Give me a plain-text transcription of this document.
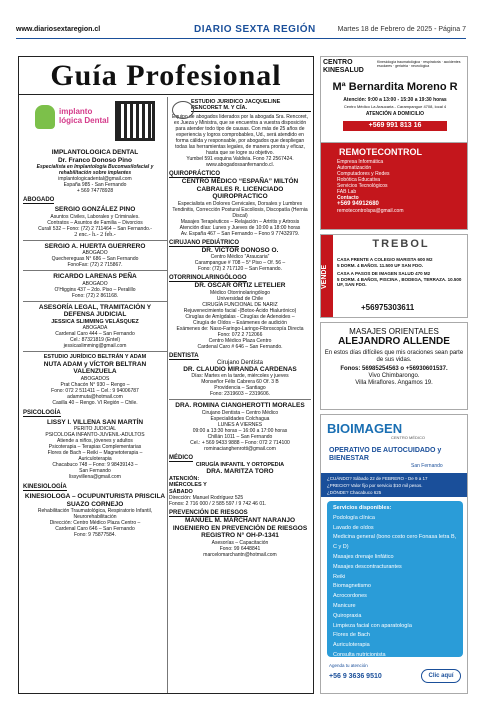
www.diariosextaregion.cl	DIARIO SEXTA REGIÓN	Martes 18 de Febrero de 2025 - Página 7
Guía Profesional
implanto lógica Dental
IMPLANTOLOGICA DENTAL
Dr. Franco Donoso Pino
Especialista en Implantología Bucomaxilofacial y rehabilitación sobre implantes
implantologicadental@gmail.com
España 985 - San Fernando
+ 569 74778928
ABOGADO
SERGIO GONZÁLEZ PINO
Asuntos Civiles, Laborales y Criminales.
Contratos – Asuntos de Familia – Divorcios
Curalí 532 – Fono: (72) 2 711464 – San Fernando.-
2 enc.- h.- 2 feb.-
SERGIO A. HUERTA GUERRERO
ABOGADO
Quechereguas N° 686 – San Fernando
FonoFax: (72) 2 715867.
RICARDO LARENAS PEÑA
ABOGADO
O'Higgins 437 – 2do. Piso – Peralillo
Fono: (72) 2 861168.
ASESORÍA LEGAL, TRAMITACIÓN Y DEFENSA JUDICIAL
JESSICA SLIMMING VELÁSQUEZ
ABOGADA
Cardenal Caro 444 – San Fernando
Cel.: 87321819 (Entel)
jessicaslimming@gmail.com
ESTUDIO JURÍDICO BELTRÁN Y ADAM
NUTA ADAM y VÍCTOR BELTRAN VALENZUELA
ABOGADOS
Prat Chacón N° 930 – Rengo –
Fono: 072 2 511411 – Cel.: 9 94006787
adammuta@hotmail.com
Casilla 40 – Rengo. VI Región – Chile.
PSICOLOGÍA
LISSY I. VILLENA SAN MARTÍN
PERITO JUDICIAL
PSICOLOGA INFANTO-JUVENIL-ADULTOS
Atiende a niños, jóvenes y adultos
Psicoterapia – Terapias Complementarias
Flores de Bach – Reiki – Magnetoterapia –
Auriculoterapia
Chacabuco 748 – Fono: 9 98439143 –
San Fernando
lissyvillena@gmail.com
KINESIOLOGÍA
KINESIOLOGA – OCUPUNTURISTA PRISCILA SUAZO CORNEJO
Rehabilitación Traumatológica, Respiratorio Infantil, Neurorehabilitación
Dirección: Centro Médico Plaza Centro –
Cardenal Caro 646 – San Fernando
Fono: 9 75877584.
ESTUDIO JURIDICO JACQUELINE RENCORET M. Y CÍA.
Equipo de abogados liderados por la abogada Sra. Rencoret, ex Jueza y Ministra, que se encuentra a vuestra disposición para atender todo tipo de causas. Con más de 25 años de experiencia y logros comprobables, Ud., será atendido en forma cálida y responsable, por abogados que despliegan todas las herramientas legales, de manera pronta y eficaz, hasta que se logre su objetivo.
Yumbel 591 esquina Valdivia. Fono 72 2567424.
www.abogadossanfernando.cl.
QUIROPRÁCTICO
CENTRO MÉDICO “ESPAÑA” MILTÓN CABRALES R. LICENCIADO QUIROPRACTICO
Especialista en Dolores Cervicales, Dorsales y Lumbres Tendinitis, Corrección Postural Escoliosis, Discopatía (Hernia Discal)
Masajes Terapéuticos – Relajación – Artritis y Artrosis
Atención días: Lunes y Jueves de 10:00 a 18:00 horas
Av. España 467 – San Fernando – Fono 9 77432979.
CIRUJANO PEDIÁTRICO
DR. VÍCTOR DONOSO O.
Centro Médico “Araucaria”
Carampangue # 708 – 5° Piso – Of. 56 –
Fono: (72) 2 717120 – San Fernando.
OTORRINOLARINGÓLOGO
DR. ÓSCAR ORTIZ LETELIER
Médico Otorrinolaringólogo
Universidad de Chile
CIRUGÍA FUNCIONAL DE NARIZ
Rejuvenecimiento facial -(Botox-Ácido Hialurónico)
Cirugías de Amígdalas - Cirugías de Adenoides –
Cirugía de Oídos – Exámenes de audición
Exámenes de: Naso-Faringo-Laringo-Fibroscopía Directa
Fono: 072 2 712066
Centro Médico Plaza Centro
Cardenal Caro # 646 – San Fernando.
DENTISTA
Cirujano Dentista
DR. CLAUDIO MIRANDA CARDENAS
Días: Martes en la tarde, miércoles y jueves
Monseñor Félix Cabrera 60 Of. 3 B
Providencia – Santiago
Fono: 2319603 – 2319606.
DRA. ROMINA CIANGHEROTTI MORALES
Cirujano Dentista – Centro Médico
Especialidades Colchagua
LUNES A VIERNES
09:00 a 13:30 horas – 16:00 a 17:00 horas
Chillán 1011 – San Fernando
Cel.: + 569 9433 9888 – Fono: 072 2 714100
rominacianghenrotti@gmail.com
MÉDICO
CIRUGÍA INFANTIL Y ORTOPEDIA
DRA. MARITZA TORO
ATENCIÓN: MIÉRCOLES Y SÁBADO
Dirección: Manuel Rodríguez 525
Fonos: 2 716 000 / 2 585 597 / 9 742 46 01.
PREVENCIÓN DE RIESGOS
MANUEL M. MARCHANT NARANJO INGENIERO EN PREVENCIÓN DE RIESGOS REGISTRO N° OH-P-1341
Asesorías – Capacitación
Fono: 99 6448841
marcelomarchantn@hotmail.com
CENTRO KINESALUD
Kinesiología traumatológica · respiratoria · accidentes escolares · geriatría · neurológica
Mª Bernardita Moreno R
Atención: 9:00 a 13:00 - 15:30 a 19:30 horas
Centro Médico La Araucaria - Carampangue 4708, local 4
ATENCIÓN A DOMICILIO
+569 991 813 16
REMOTECONTROL
Empresa Informática
Automatización
Computadores y Redes
Robótica Educativa
Servicios Tecnológicos
FAB Lab
Contacto
+569 94912680
remotecontrolspa@gmail.com
VENDE
TREBOL
CASA FRENTE A COLEGIO MARISTA 600 M2
5 DORM. 4 BAÑOS. 11.500 UF SAN FDO.
CASA A PASOS DE IMAGEN SALUD 470 M2
5 DORM. 4 BAÑOS, PISCINA , BODEGA, TERRAZA. 10.500 UF, SAN FDO.
+56975303611
MASAJES ORIENTALES
ALEJANDRO ALLENDE
En estos días difíciles que mis oraciones sean parte de sus vidas.
Fonos: 56985254563 o +56930601537.
Vivo Chimbarongo.
Villa Miraflores. Angamos 19.
BIOIMAGEN
CENTRO MÉDICO
OPERATIVO DE AUTOCUIDADO y BIENESTAR
San Fernando
¿CUÁNDO? Sábado 22 de FEBRERO - De 9 a 17
¿PRECIO? Valor fijo por servicio $10 mil pesos.
¿DÓNDE? Chacabuco 625
Servicios disponibles:
Podología clínica
Lavado de oídos
Medicina general (bono costo cero Fonasa letra B, C y D)
Masajes drenaje linfático
Masajes descontracturantes
Reiki
Biomagnetismo
Acrocordones
Manicure
Quiropraxia
Limpieza facial con aparatología
Flores de Bach
Auriculoterapia
Consulta nutricionista
Agenda tu atención
+56 9 3636 9510	Clic aquí
